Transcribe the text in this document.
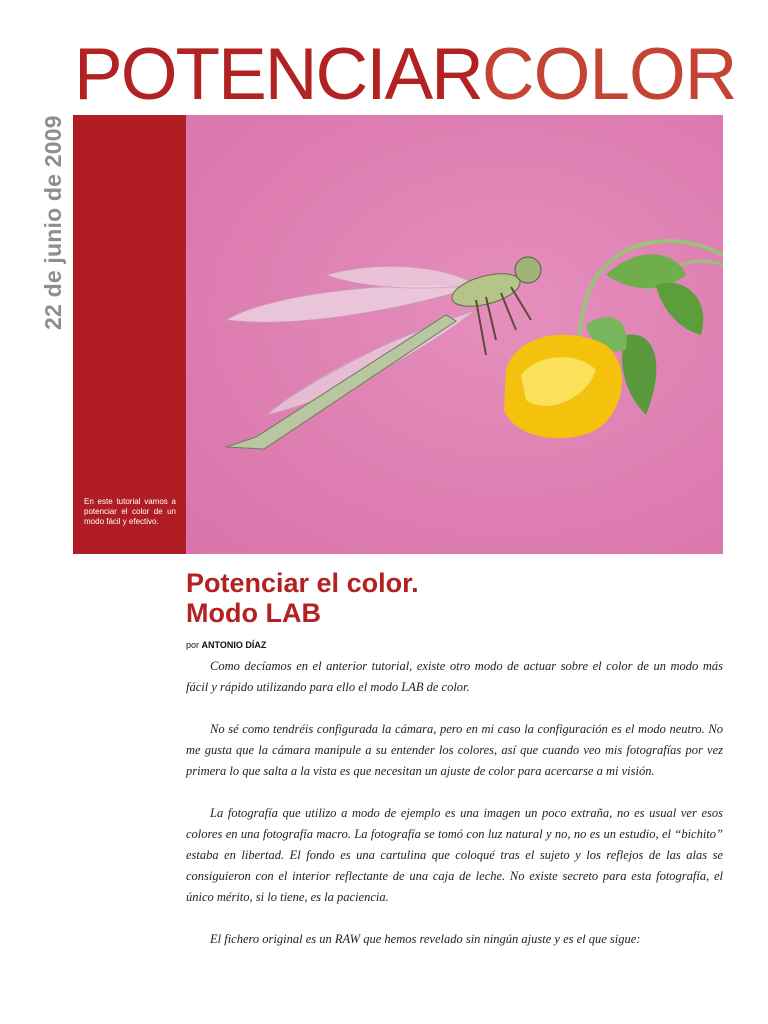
POTENCIARCOLOR
22 de junio de 2009
En este tutorial vamos a potenciar el color de un modo fácil y efectivo.
Potenciar el color.
Modo LAB
por ANTONIO DÍAZ

Como decíamos en el anterior tutorial, existe otro modo de actuar sobre el color de un modo más fácil y rápido utilizando para ello el modo LAB de color.

No sé como tendréis configurada la cámara, pero en mi caso la configuración es el modo neutro. No me gusta que la cámara manipule a su entender los colores, así que cuando veo mis fotografías por vez primera lo que salta a la vista es que necesitan un ajuste de color para acercarse a mi visión.

La fotografía que utilizo a modo de ejemplo es una imagen un poco extraña, no es usual ver esos colores en una fotografía macro. La fotografía se tomó con luz natural y no, no es un estudio, el “bichito” estaba en libertad. El fondo es una cartulina que coloqué tras el sujeto y los reflejos de las alas se consiguieron con el interior reflectante de una caja de leche. No existe secreto para esta fotografía, el único mérito, si lo tiene, es la paciencia.

El fichero original es un RAW que hemos revelado sin ningún ajuste y es el que sigue:
